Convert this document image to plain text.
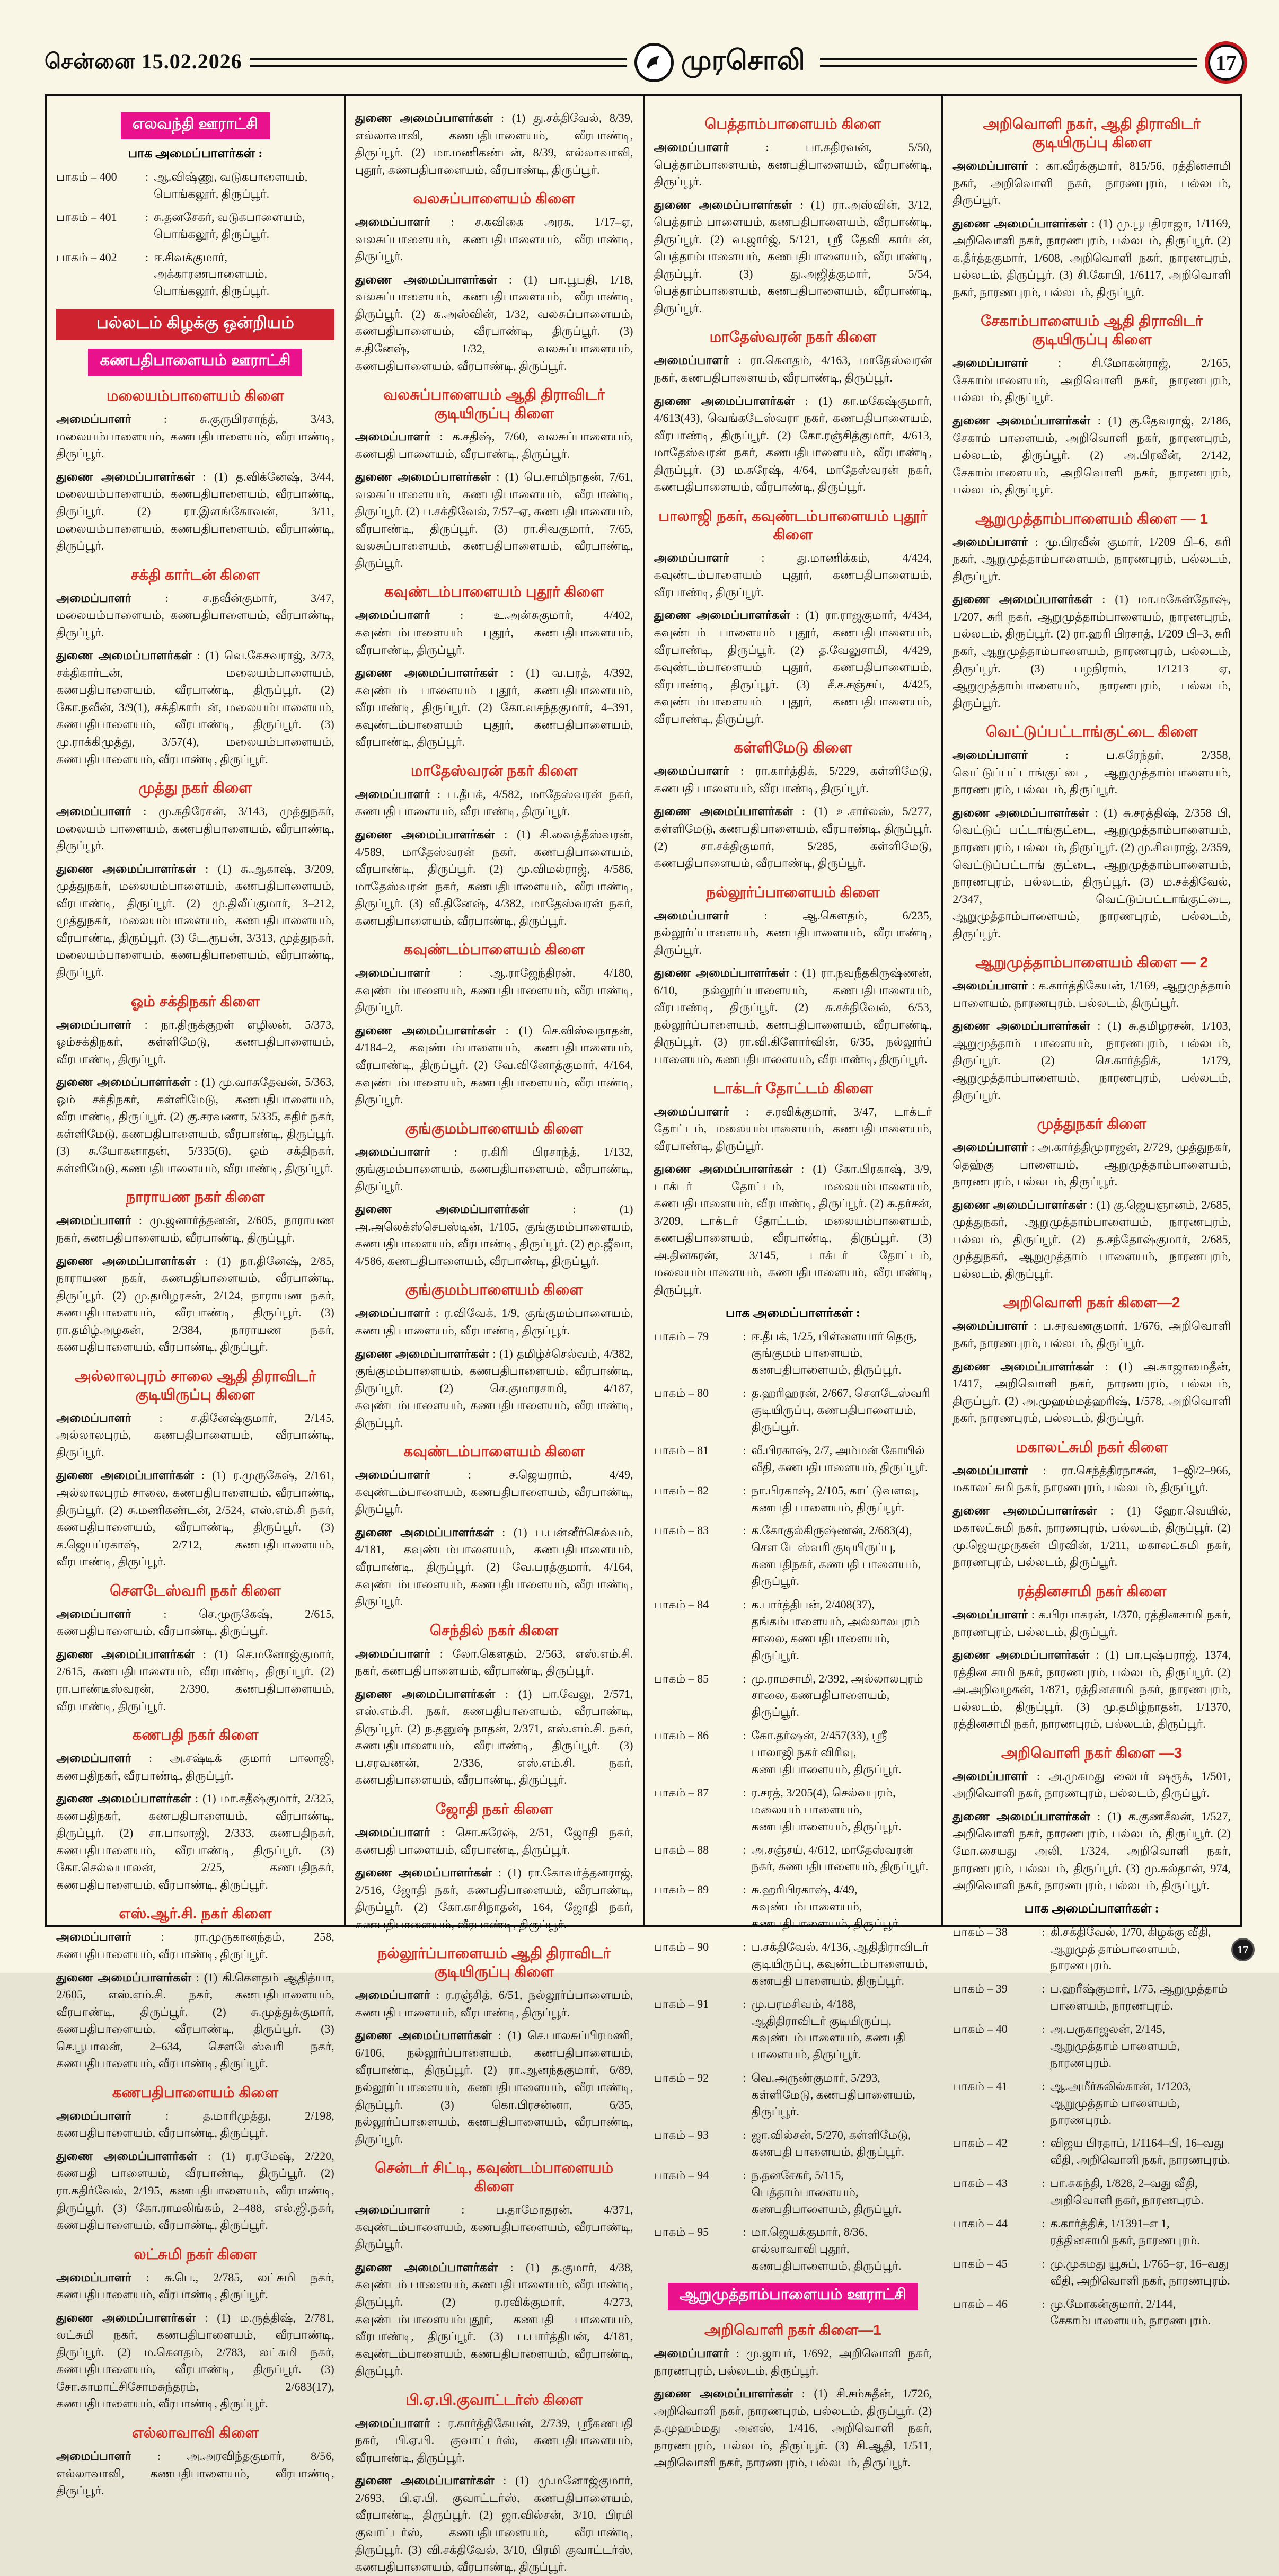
சென்னை 15.02.2026	முரசொலி	17
எலவந்தி ஊராட்சி
பாக அமைப்பாளர்கள் :
பாகம் – 400	: ஆ.விஷ்ணு, வடுகபாளையம், பொங்கலூர், திருப்பூர்.
பாகம் – 401	: சு.தனசேகர், வடுகபாளையம், பொங்கலூர், திருப்பூர்.
பாகம் – 402	: ஈ.சிவக்குமார், அக்காரணபாளையம், பொங்கலூர், திருப்பூர்.
பல்லடம் கிழக்கு ஒன்றியம்
கணபதிபாளையம் ஊராட்சி
மலையம்பாளையம் கிளை

அமைப்பாளர் : சு.குருபிரசாந்த், 3/43, மலையம்பாளையம், கணபதிபாளையம், வீரபாண்டி, திருப்பூர்.

துணை அமைப்பாளர்கள் : (1) த.விக்னேஷ், 3/44, மலையம்பாளையம், கணபதிபாளையம், வீரபாண்டி, திருப்பூர். (2) ரா.இளங்கோவன், 3/11, மலையம்பாளையம், கணபதிபாளையம், வீரபாண்டி, திருப்பூர்.

சக்தி கார்டன் கிளை

அமைப்பாளர் : ச.நவீன்குமார், 3/47, மலையம்பாளையம், கணபதிபாளையம், வீரபாண்டி, திருப்பூர்.

துணை அமைப்பாளர்கள் : (1) வெ.கேசவராஜ், 3/73, சக்திகார்டன், மலையம்பாளையம், கணபதிபாளையம், வீரபாண்டி, திருப்பூர். (2) கோ.நவீன், 3/9(1), சக்திகார்டன், மலையம்பாளையம், கணபதிபாளையம், வீரபாண்டி, திருப்பூர். (3) மு.ராக்கிமுத்து, 3/57(4), மலையம்பாளையம், கணபதிபாளையம், வீரபாண்டி, திருப்பூர்.

முத்து நகர் கிளை

அமைப்பாளர் : மு.கதிரேசன், 3/143, முத்துநகர், மலையம் பாளையம், கணபதிபாளையம், வீரபாண்டி, திருப்பூர்.

துணை அமைப்பாளர்கள் : (1) சு.ஆகாஷ், 3/209, முத்துநகர், மலையம்பாளையம், கணபதிபாளையம், வீரபாண்டி, திருப்பூர். (2) மு.திலீப்குமார், 3–212, முத்துநகர், மலையம்பாளையம், கணபதிபாளையம், வீரபாண்டி, திருப்பூர். (3) டே.ரூபன், 3/313, முத்துநகர், மலையம்பாளையம், கணபதிபாளையம், வீரபாண்டி, திருப்பூர்.

ஓம் சக்திநகர் கிளை

அமைப்பாளர் : நா.திருக்குறள் எழிலன், 5/373, ஓம்சக்திநகர், கள்ளிமேடு, கணபதிபாளையம், வீரபாண்டி, திருப்பூர்.

துணை அமைப்பாளர்கள் : (1) மு.வாசுதேவன், 5/363, ஓம் சக்திநகர், கள்ளிமேடு, கணபதிபாளையம், வீரபாண்டி, திருப்பூர். (2) கு.சரவணா, 5/335, கதிர் நகர், கள்ளிமேடு, கணபதிபாளையம், வீரபாண்டி, திருப்பூர். (3) சு.யோகனாதன், 5/335(6), ஓம் சக்திநகர், கள்ளிமேடு, கணபதிபாளையம், வீரபாண்டி, திருப்பூர்.

நாராயண நகர் கிளை

அமைப்பாளர் : மு.ஜனார்த்தனன், 2/605, நாராயண நகர், கணபதிபாளையம், வீரபாண்டி, திருப்பூர்.

துணை அமைப்பாளர்கள் : (1) நா.தினேஷ், 2/85, நாராயண நகர், கணபதிபாளையம், வீரபாண்டி, திருப்பூர். (2) மு.தமிழரசன், 2/124, நாராயண நகர், கணபதிபாளையம், வீரபாண்டி, திருப்பூர். (3) ரா.தமிழ்அழகன், 2/384, நாராயண நகர், கணபதிபாளையம், வீரபாண்டி, திருப்பூர்.

அல்லாலபுரம் சாலை ஆதி திராவிடர் குடியிருப்பு கிளை

அமைப்பாளர் : ச.தினேஷ்குமார், 2/145, அல்லாலபுரம், கணபதிபாளையம், வீரபாண்டி, திருப்பூர்.

துணை அமைப்பாளர்கள் : (1) ர.முருகேஷ், 2/161, அல்லாலபுரம் சாலை, கணபதிபாளையம், வீரபாண்டி, திருப்பூர். (2) சு.மணிகண்டன், 2/524, எஸ்.எம்.சி நகர், கணபதிபாளையம், வீரபாண்டி, திருப்பூர். (3) க.ஜெயப்ரகாஷ், 2/712, கணபதிபாளையம், வீரபாண்டி, திருப்பூர்.

சௌடேஸ்வரி நகர் கிளை

அமைப்பாளர் : செ.முருகேஷ், 2/615, கணபதிபாளையம், வீரபாண்டி, திருப்பூர்.

துணை அமைப்பாளர்கள் : (1) செ.மனோஜ்குமார், 2/615, கணபதிபாளையம், வீரபாண்டி, திருப்பூர். (2) ரா.பாண்டீஸ்வரன், 2/390, கணபதிபாளையம், வீரபாண்டி, திருப்பூர்.

கணபதி நகர் கிளை

அமைப்பாளர் : அ.சஷ்டிக் குமார் பாலாஜி, கணபதிநகர், வீரபாண்டி, திருப்பூர்.

துணை அமைப்பாளர்கள் : (1) மா.சதீஷ்குமார், 2/325, கணபதிநகர், கணபதிபாளையம், வீரபாண்டி, திருப்பூர். (2) சா.பாலாஜி, 2/333, கணபதிநகர், கணபதிபாளையம், வீரபாண்டி, திருப்பூர். (3) கோ.செல்வபாலன், 2/25, கணபதிநகர், கணபதிபாளையம், வீரபாண்டி, திருப்பூர்.

எஸ்.ஆர்.சி. நகர் கிளை

அமைப்பாளர் : ரா.முருகானந்தம், 258, கணபதிபாளையம், வீரபாண்டி, திருப்பூர்.

துணை அமைப்பாளர்கள் : (1) கி.கௌதம் ஆதித்யா, 2/605, எஸ்.எம்.சி. நகர், கணபதிபாளையம், வீரபாண்டி, திருப்பூர். (2) சு.முத்துக்குமார், கணபதிபாளையம், வீரபாண்டி, திருப்பூர். (3) செ.பூபாலன், 2–634, சௌடேஸ்வரி நகர், கணபதிபாளையம், வீரபாண்டி, திருப்பூர்.

கணபதிபாளையம் கிளை

அமைப்பாளர் : த.மாரிமுத்து, 2/198, கணபதிபாளையம், வீரபாண்டி, திருப்பூர்.

துணை அமைப்பாளர்கள் : (1) ர.ரமேஷ், 2/220, கணபதி பாளையம், வீரபாண்டி, திருப்பூர். (2) ரா.கதிர்வேல், 2/195, கணபதிபாளையம், வீரபாண்டி, திருப்பூர். (3) கோ.ராமலிங்கம், 2–488, எல்.ஜி.நகர், கணபதிபாளையம், வீரபாண்டி, திருப்பூர்.

லட்சுமி நகர் கிளை

அமைப்பாளர் : சு.பெ., 2/785, லட்சுமி நகர், கணபதிபாளையம், வீரபாண்டி, திருப்பூர்.

துணை அமைப்பாளர்கள் : (1) ம.ருத்திஷ், 2/781, லட்சுமி நகர், கணபதிபாளையம், வீரபாண்டி, திருப்பூர். (2) ம.கௌதம், 2/783, லட்சுமி நகர், கணபதிபாளையம், வீரபாண்டி, திருப்பூர். (3) சோ.காமாட்சிசோமசுந்தரம், 2/683(17), கணபதிபாளையம், வீரபாண்டி, திருப்பூர்.

எல்லாவாவி கிளை

அமைப்பாளர் : அ.அரவிந்தகுமார், 8/56, எல்லாவாவி, கணபதிபாளையம், வீரபாண்டி, திருப்பூர்.

துணை அமைப்பாளர்கள் : (1) து.சக்திவேல், 8/39, எல்லாவாவி, கணபதிபாளையம், வீரபாண்டி, திருப்பூர். (2) மா.மணிகண்டன், 8/39, எல்லாவாவி, புதூர், கணபதிபாளையம், வீரபாண்டி, திருப்பூர்.

வலசுப்பாளையம் கிளை

அமைப்பாளர் : ச.கவிகை அரசு, 1/17–ஏ, வலசுப்பாளையம், கணபதிபாளையம், வீரபாண்டி, திருப்பூர்.

துணை அமைப்பாளர்கள் : (1) பா.பூபதி, 1/18, வலசுப்பாளையம், கணபதிபாளையம், வீரபாண்டி, திருப்பூர். (2) க.அஸ்வின், 1/32, வலசுப்பாளையம், கணபதிபாளையம், வீரபாண்டி, திருப்பூர். (3) ச.தினேஷ், 1/32, வலசுப்பாளையம், கணபதிபாளையம், வீரபாண்டி, திருப்பூர்.

வலசுப்பாளையம் ஆதி திராவிடர் குடியிருப்பு கிளை

அமைப்பாளர் : க.சதிஷ், 7/60, வலசுப்பாளையம், கணபதி பாளையம், வீரபாண்டி, திருப்பூர்.

துணை அமைப்பாளர்கள் : (1) பெ.சாமிநாதன், 7/61, வலசுப்பாளையம், கணபதிபாளையம், வீரபாண்டி, திருப்பூர். (2) ப.சக்திவேல், 7/57–ஏ, கணபதிபாளையம், வீரபாண்டி, திருப்பூர். (3) ரா.சிவகுமார், 7/65, வலசுப்பாளையம், கணபதிபாளையம், வீரபாண்டி, திருப்பூர்.

கவுண்டம்பாளையம் புதூர் கிளை

அமைப்பாளர் : உ.அன்சுகுமார், 4/402, கவுண்டம்பாளையம் புதூர், கணபதிபாளையம், வீரபாண்டி, திருப்பூர்.

துணை அமைப்பாளர்கள் : (1) வ.பரத், 4/392, கவுண்டம் பாளையம் புதூர், கணபதிபாளையம், வீரபாண்டி, திருப்பூர். (2) கோ.வசந்தகுமார், 4–391, கவுண்டம்பாளையம் புதூர், கணபதிபாளையம், வீரபாண்டி, திருப்பூர்.

மாதேஸ்வரன் நகர் கிளை

அமைப்பாளர் : ப.தீபக், 4/582, மாதேஸ்வரன் நகர், கணபதி பாளையம், வீரபாண்டி, திருப்பூர்.

துணை அமைப்பாளர்கள் : (1) சி.வைத்தீஸ்வரன், 4/589, மாதேஸ்வரன் நகர், கணபதிபாளையம், வீரபாண்டி, திருப்பூர். (2) மு.விமல்ராஜ், 4/586, மாதேஸ்வரன் நகர், கணபதிபாளையம், வீரபாண்டி, திருப்பூர். (3) வீ.தினேஷ், 4/382, மாதேஸ்வரன் நகர், கணபதிபாளையம், வீரபாண்டி, திருப்பூர்.

கவுண்டம்பாளையம் கிளை

அமைப்பாளர் : ஆ.ராஜேந்திரன், 4/180, கவுண்டம்பாளையம், கணபதிபாளையம், வீரபாண்டி, திருப்பூர்.

துணை அமைப்பாளர்கள் : (1) செ.விஸ்வநாதன், 4/184–2, கவுண்டம்பாளையம், கணபதிபாளையம், வீரபாண்டி, திருப்பூர். (2) வே.வினோத்குமார், 4/164, கவுண்டம்பாளையம், கணபதிபாளையம், வீரபாண்டி, திருப்பூர்.

குங்குமம்பாளையம் கிளை

அமைப்பாளர் : ர.கிரி பிரசாந்த், 1/132, குங்குமம்பாளையம், கணபதிபாளையம், வீரபாண்டி, திருப்பூர்.

துணை அமைப்பாளர்கள் : (1) அ.அலெக்ஸ்செபஸ்டின், 1/105, குங்குமம்பாளையம், கணபதிபாளையம், வீரபாண்டி, திருப்பூர். (2) மூ.ஜீவா, 4/586, கணபதிபாளையம், வீரபாண்டி, திருப்பூர்.

குங்குமம்பாளையம் கிளை

அமைப்பாளர் : ர.விவேக், 1/9, குங்குமம்பாளையம், கணபதி பாளையம், வீரபாண்டி, திருப்பூர்.

துணை அமைப்பாளர்கள் : (1) தமிழ்ச்செல்வம், 4/382, குங்குமம்பாளையம், கணபதிபாளையம், வீரபாண்டி, திருப்பூர். (2) செ.குமாரசாமி, 4/187, கவுண்டம்பாளையம், கணபதிபாளையம், வீரபாண்டி, திருப்பூர்.

கவுண்டம்பாளையம் கிளை

அமைப்பாளர் : ச.ஜெயராம், 4/49, கவுண்டம்பாளையம், கணபதிபாளையம், வீரபாண்டி, திருப்பூர்.

துணை அமைப்பாளர்கள் : (1) ப.பன்னீர்செல்வம், 4/181, கவுண்டம்பாளையம், கணபதிபாளையம், வீரபாண்டி, திருப்பூர். (2) வே.பரத்குமார், 4/164, கவுண்டம்பாளையம், கணபதிபாளையம், வீரபாண்டி, திருப்பூர்.

செந்தில் நகர் கிளை

அமைப்பாளர் : லோ.கௌதம், 2/563, எஸ்.எம்.சி. நகர், கணபதிபாளையம், வீரபாண்டி, திருப்பூர்.

துணை அமைப்பாளர்கள் : (1) பா.வேலு, 2/571, எஸ்.எம்.சி. நகர், கணபதிபாளையம், வீரபாண்டி, திருப்பூர். (2) ந.தனுஷ் நாதன், 2/371, எஸ்.எம்.சி. நகர், கணபதிபாளையம், வீரபாண்டி, திருப்பூர். (3) ப.சரவணன், 2/336, எஸ்.எம்.சி. நகர், கணபதிபாளையம், வீரபாண்டி, திருப்பூர்.

ஜோதி நகர் கிளை

அமைப்பாளர் : சொ.சுரேஷ், 2/51, ஜோதி நகர், கணபதி பாளையம், வீரபாண்டி, திருப்பூர்.

துணை அமைப்பாளர்கள் : (1) ரா.கோவர்த்தனராஜ், 2/516, ஜோதி நகர், கணபதிபாளையம், வீரபாண்டி, திருப்பூர். (2) கோ.காசிநாதன், 164, ஜோதி நகர், கணபதிபாளையம், வீரபாண்டி, திருப்பூர்.

நல்லூர்ப்பாளையம் ஆதி திராவிடர் குடியிருப்பு கிளை

அமைப்பாளர் : ர.ரஞ்சித், 6/51, நல்லூர்ப்பாளையம், கணபதி பாளையம், வீரபாண்டி, திருப்பூர்.

துணை அமைப்பாளர்கள் : (1) செ.பாலசுப்பிரமணி, 6/106, நல்லூர்ப்பாளையம், கணபதிபாளையம், வீரபாண்டி, திருப்பூர். (2) ரா.ஆனந்தகுமார், 6/89, நல்லூர்ப்பாளையம், கணபதிபாளையம், வீரபாண்டி, திருப்பூர். (3) கொ.பிரசன்னா, 6/35, நல்லூர்ப்பாளையம், கணபதிபாளையம், வீரபாண்டி, திருப்பூர்.

சென்டர் சிட்டி, கவுண்டம்பாளையம் கிளை

அமைப்பாளர் : ப.தாமோதரன், 4/371, கவுண்டம்பாளையம், கணபதிபாளையம், வீரபாண்டி, திருப்பூர்.

துணை அமைப்பாளர்கள் : (1) த.குமார், 4/38, கவுண்டம் பாளையம், கணபதிபாளையம், வீரபாண்டி, திருப்பூர். (2) ர.ரவிக்குமார், 4/273, கவுண்டம்பாளையம்புதூர், கணபதி பாளையம், வீரபாண்டி, திருப்பூர். (3) ப.பார்த்திபன், 4/181, கவுண்டம்பாளையம், கணபதிபாளையம், வீரபாண்டி, திருப்பூர்.

பி.ஏ.பி.குவாட்டர்ஸ் கிளை

அமைப்பாளர் : ர.கார்த்திகேயன், 2/739, ஸ்ரீகணபதி நகர், பி.ஏ.பி. குவாட்டர்ஸ், கணபதிபாளையம், வீரபாண்டி, திருப்பூர்.

துணை அமைப்பாளர்கள் : (1) மு.மனோஜ்குமார், 2/693, பி.ஏ.பி. குவாட்டர்ஸ், கணபதிபாளையம், வீரபாண்டி, திருப்பூர். (2) ஜா.வில்சன், 3/10, பிரமி குவாட்டர்ஸ், கணபதிபாளையம், வீரபாண்டி, திருப்பூர். (3) வி.சக்திவேல், 3/10, பிரமி குவாட்டர்ஸ், கணபதிபாளையம், வீரபாண்டி, திருப்பூர்.

பெத்தாம்பாளையம் கிளை

அமைப்பாளர் : பா.கதிரவன், 5/50, பெத்தாம்பாளையம், கணபதிபாளையம், வீரபாண்டி, திருப்பூர்.

துணை அமைப்பாளர்கள் : (1) ரா.அஸ்வின், 3/12, பெத்தாம் பாளையம், கணபதிபாளையம், வீரபாண்டி, திருப்பூர். (2) வ.ஜார்ஜ், 5/121, ஸ்ரீ தேவி கார்டன், பெத்தாம்பாளையம், கணபதிபாளையம், வீரபாண்டி, திருப்பூர். (3) து.அஜித்குமார், 5/54, பெத்தாம்பாளையம், கணபதிபாளையம், வீரபாண்டி, திருப்பூர்.

மாதேஸ்வரன் நகர் கிளை

அமைப்பாளர் : ரா.கௌதம், 4/163, மாதேஸ்வரன் நகர், கணபதிபாளையம், வீரபாண்டி, திருப்பூர்.

துணை அமைப்பாளர்கள் : (1) கா.மகேஷ்குமார், 4/613(43), வெங்கடேஸ்வரா நகர், கணபதிபாளையம், வீரபாண்டி, திருப்பூர். (2) கோ.ரஞ்சித்குமார், 4/613, மாதேஸ்வரன் நகர், கணபதிபாளையம், வீரபாண்டி, திருப்பூர். (3) ம.சுரேஷ், 4/64, மாதேஸ்வரன் நகர், கணபதிபாளையம், வீரபாண்டி, திருப்பூர்.

பாலாஜி நகர், கவுண்டம்பாளையம் புதூர் கிளை

அமைப்பாளர் : து.மாணிக்கம், 4/424, கவுண்டம்பாளையம் புதூர், கணபதிபாளையம், வீரபாண்டி, திருப்பூர்.

துணை அமைப்பாளர்கள் : (1) ரா.ராஜகுமார், 4/434, கவுண்டம் பாளையம் புதூர், கணபதிபாளையம், வீரபாண்டி, திருப்பூர். (2) த.வேலுசாமி, 4/429, கவுண்டம்பாளையம் புதூர், கணபதிபாளையம், வீரபாண்டி, திருப்பூர். (3) சீ.ச.சஞ்சய், 4/425, கவுண்டம்பாளையம் புதூர், கணபதிபாளையம், வீரபாண்டி, திருப்பூர்.

கள்ளிமேடு கிளை

அமைப்பாளர் : ரா.கார்த்திக், 5/229, கள்ளிமேடு, கணபதி பாளையம், வீரபாண்டி, திருப்பூர்.

துணை அமைப்பாளர்கள் : (1) உ.சார்லஸ், 5/277, கள்ளிமேடு, கணபதிபாளையம், வீரபாண்டி, திருப்பூர். (2) சா.சக்திகுமார், 5/285, கள்ளிமேடு, கணபதிபாளையம், வீரபாண்டி, திருப்பூர்.

நல்லூர்ப்பாளையம் கிளை

அமைப்பாளர் : ஆ.கௌதம், 6/235, நல்லூர்ப்பாளையம், கணபதிபாளையம், வீரபாண்டி, திருப்பூர்.

துணை அமைப்பாளர்கள் : (1) ரா.நவநீதகிருஷ்ணன், 6/10, நல்லூர்ப்பாளையம், கணபதிபாளையம், வீரபாண்டி, திருப்பூர். (2) சு.சக்திவேல், 6/53, நல்லூர்ப்பாளையம், கணபதிபாளையம், வீரபாண்டி, திருப்பூர். (3) ரா.வி.கிளோர்வின், 6/35, நல்லூர்ப் பாளையம், கணபதிபாளையம், வீரபாண்டி, திருப்பூர்.

டாக்டர் தோட்டம் கிளை

அமைப்பாளர் : ச.ரவிக்குமார், 3/47, டாக்டர் தோட்டம், மலையம்பாளையம், கணபதிபாளையம், வீரபாண்டி, திருப்பூர்.

துணை அமைப்பாளர்கள் : (1) கோ.பிரகாஷ், 3/9, டாக்டர் தோட்டம், மலையம்பாளையம், கணபதிபாளையம், வீரபாண்டி, திருப்பூர். (2) சு.தர்சன், 3/209, டாக்டர் தோட்டம், மலையம்பாளையம், கணபதிபாளையம், வீரபாண்டி, திருப்பூர். (3) அ.தினகரன், 3/145, டாக்டர் தோட்டம், மலையம்பாளையம், கணபதிபாளையம், வீரபாண்டி, திருப்பூர்.

பாக அமைப்பாளர்கள் :
பாகம் – 79	: ஈ.தீபக், 1/25, பிள்ளையார் தெரு, குங்குமம் பாளையம், கணபதிபாளையம், திருப்பூர்.
பாகம் – 80	: த.ஹரிஹரன், 2/667, சௌடேஸ்வரி குடியிருப்பு, கணபதிபாளையம், திருப்பூர்.
பாகம் – 81	: வீ.பிரகாஷ், 2/7, அம்மன் கோயில் வீதி, கணபதிபாளையம், திருப்பூர்.
பாகம் – 82	: நா.பிரகாஷ், 2/105, காட்டுவளவு, கணபதி பாளையம், திருப்பூர்.
பாகம் – 83	: க.கோகுல்கிருஷ்ணன், 2/683(4), சௌ டேஸ்வரி குடியிருப்பு, கணபதிநகர், கணபதி பாளையம், திருப்பூர்.
பாகம் – 84	: க.பார்த்திபன், 2/408(37), தங்கம்பாளையம், அல்லாலபுரம் சாலை, கணபதிபாளையம், திருப்பூர்.
பாகம் – 85	: மு.ராமசாமி, 2/392, அல்லாலபுரம் சாலை, கணபதிபாளையம், திருப்பூர்.
பாகம் – 86	: கோ.தர்ஷன், 2/457(33), ஸ்ரீ பாலாஜி நகர் விரிவு, கணபதிபாளையம், திருப்பூர்.
பாகம் – 87	: ர.சரத், 3/205(4), செல்வபுரம், மலையம் பாளையம், கணபதிபாளையம், திருப்பூர்.
பாகம் – 88	: அ.சஞ்சய், 4/612, மாதேஸ்வரன் நகர், கணபதிபாளையம், திருப்பூர்.
பாகம் – 89	: சு.ஹரிபிரகாஷ், 4/49, கவுண்டம்பாளையம், கணபதிபாளையம், திருப்பூர்.
பாகம் – 90	: ப.சக்திவேல், 4/136, ஆதிதிராவிடர் குடியிருப்பு, கவுண்டம்பாளையம், கணபதி பாளையம், திருப்பூர்.
பாகம் – 91	: மு.பரமசிவம், 4/188, ஆதிதிராவிடர் குடியிருப்பு, கவுண்டம்பாளையம், கணபதி பாளையம், திருப்பூர்.
பாகம் – 92	: வெ.அருண்குமார், 5/293, கள்ளிமேடு, கணபதிபாளையம், திருப்பூர்.
பாகம் – 93	: ஜா.வில்சன், 5/270, கள்ளிமேடு, கணபதி பாளையம், திருப்பூர்.
பாகம் – 94	: ந.தனசேகர், 5/115, பெத்தாம்பாளையம், கணபதிபாளையம், திருப்பூர்.
பாகம் – 95	: மா.ஜெயக்குமார், 8/36, எல்லாவாவி புதூர், கணபதிபாளையம், திருப்பூர்.
ஆறுமுத்தாம்பாளையம் ஊராட்சி
அறிவொளி நகர் கிளை—1

அமைப்பாளர் : மு.ஜாபர், 1/692, அறிவொளி நகர், நாரணபுரம், பல்லடம், திருப்பூர்.

துணை அமைப்பாளர்கள் : (1) சி.சம்சுதீன், 1/726, அறிவொளி நகர், நாரணபுரம், பல்லடம், திருப்பூர். (2) த.முஹம்மது அனஸ், 1/416, அறிவொளி நகர், நாரணபுரம், பல்லடம், திருப்பூர். (3) சி.ஆதி, 1/511, அறிவொளி நகர், நாரணபுரம், பல்லடம், திருப்பூர்.

அறிவொளி நகர், ஆதி திராவிடர் குடியிருப்பு கிளை

அமைப்பாளர் : கா.வீரக்குமார், 815/56, ரத்தினசாமி நகர், அறிவொளி நகர், நாரணபுரம், பல்லடம், திருப்பூர்.

துணை அமைப்பாளர்கள் : (1) மு.பூபதிராஜா, 1/1169, அறிவொளி நகர், நாரணபுரம், பல்லடம், திருப்பூர். (2) க.தீர்த்தகுமார், 1/608, அறிவொளி நகர், நாரணபுரம், பல்லடம், திருப்பூர். (3) சி.கோபி, 1/6117, அறிவொளி நகர், நாரணபுரம், பல்லடம், திருப்பூர்.

சேகாம்பாளையம் ஆதி திராவிடர் குடியிருப்பு கிளை

அமைப்பாளர் : சி.மோகன்ராஜ், 2/165, சேகாம்பாளையம், அறிவொளி நகர், நாரணபுரம், பல்லடம், திருப்பூர்.

துணை அமைப்பாளர்கள் : (1) கு.தேவராஜ், 2/186, சேகாம் பாளையம், அறிவொளி நகர், நாரணபுரம், பல்லடம், திருப்பூர். (2) அ.பிரவீன், 2/142, சேகாம்பாளையம், அறிவொளி நகர், நாரணபுரம், பல்லடம், திருப்பூர்.

ஆறுமுத்தாம்பாளையம் கிளை — 1

அமைப்பாளர் : மு.பிரவீன் குமார், 1/209 பி–6, சுரி நகர், ஆறுமுத்தாம்பாளையம், நாரணபுரம், பல்லடம், திருப்பூர்.

துணை அமைப்பாளர்கள் : (1) மா.மகேன்தோஷ், 1/207, சுரி நகர், ஆறுமுத்தாம்பாளையம், நாரணபுரம், பல்லடம், திருப்பூர். (2) ரா.ஹரி பிரசாத், 1/209 பி–3, சுரி நகர், ஆறுமுத்தாம்பாளையம், நாரணபுரம், பல்லடம், திருப்பூர். (3) பழநிராம், 1/1213 ஏ, ஆறுமுத்தாம்பாளையம், நாரணபுரம், பல்லடம், திருப்பூர்.

வெட்டுப்பட்டாங்குட்டை கிளை

அமைப்பாளர் : ப.சுரேந்தர், 2/358, வெட்டுப்பட்டாங்குட்டை, ஆறுமுத்தாம்பாளையம், நாரணபுரம், பல்லடம், திருப்பூர்.

துணை அமைப்பாளர்கள் : (1) சு.சரத்திஷ், 2/358 பி, வெட்டுப் பட்டாங்குட்டை, ஆறுமுத்தாம்பாளையம், நாரணபுரம், பல்லடம், திருப்பூர். (2) மு.சிவராஜ், 2/359, வெட்டுப்பட்டாங் குட்டை, ஆறுமுத்தாம்பாளையம், நாரணபுரம், பல்லடம், திருப்பூர். (3) ம.சக்திவேல், 2/347, வெட்டுப்பட்டாங்குட்டை, ஆறுமுத்தாம்பாளையம், நாரணபுரம், பல்லடம், திருப்பூர்.

ஆறுமுத்தாம்பாளையம் கிளை — 2

அமைப்பாளர் : க.கார்த்திகேயன், 1/169, ஆறுமுத்தாம் பாளையம், நாரணபுரம், பல்லடம், திருப்பூர்.

துணை அமைப்பாளர்கள் : (1) சு.தமிழரசன், 1/103, ஆறுமுத்தாம் பாளையம், நாரணபுரம், பல்லடம், திருப்பூர். (2) செ.கார்த்திக், 1/179, ஆறுமுத்தாம்பாளையம், நாரணபுரம், பல்லடம், திருப்பூர்.

முத்துநகர் கிளை

அமைப்பாளர் : அ.கார்த்திமுராஜன், 2/729, முத்துநகர், தெஹ்கு பாளையம், ஆறுமுத்தாம்பாளையம், நாரணபுரம், பல்லடம், திருப்பூர்.

துணை அமைப்பாளர்கள் : (1) கு.ஜெயஞானம், 2/685, முத்துநகர், ஆறுமுத்தாம்பாளையம், நாரணபுரம், பல்லடம், திருப்பூர். (2) த.சந்தோஷ்குமார், 2/685, முத்துநகர், ஆறுமுத்தாம் பாளையம், நாரணபுரம், பல்லடம், திருப்பூர்.

அறிவொளி நகர் கிளை—2

அமைப்பாளர் : ப.சரவணகுமார், 1/676, அறிவொளி நகர், நாரணபுரம், பல்லடம், திருப்பூர்.

துணை அமைப்பாளர்கள் : (1) அ.காஜாமைதீன், 1/417, அறிவொளி நகர், நாரணபுரம், பல்லடம், திருப்பூர். (2) அ.முஹம்மத்ஹரிஷ், 1/578, அறிவொளி நகர், நாரணபுரம், பல்லடம், திருப்பூர்.

மகாலட்சுமி நகர் கிளை

அமைப்பாளர் : ரா.செந்த்திரநாசன், 1–ஜி/2–966, மகாலட்சுமி நகர், நாரணபுரம், பல்லடம், திருப்பூர்.

துணை அமைப்பாளர்கள் : (1) ஹோ.வெயில், மகாலட்சுமி நகர், நாரணபுரம், பல்லடம், திருப்பூர். (2) மு.ஜெயமுருகன் பிரவின், 1/211, மகாலட்சுமி நகர், நாரணபுரம், பல்லடம், திருப்பூர்.

ரத்தினசாமி நகர் கிளை

அமைப்பாளர் : க.பிரபாகரன், 1/370, ரத்தினசாமி நகர், நாரணபுரம், பல்லடம், திருப்பூர்.

துணை அமைப்பாளர்கள் : (1) பா.புஷ்பராஜ், 1374, ரத்தின சாமி நகர், நாரணபுரம், பல்லடம், திருப்பூர். (2) அ.அறிவழகன், 1/871, ரத்தினசாமி நகர், நாரணபுரம், பல்லடம், திருப்பூர். (3) மு.தமிழ்நாதன், 1/1370, ரத்தினசாமி நகர், நாரணபுரம், பல்லடம், திருப்பூர்.

அறிவொளி நகர் கிளை —3

அமைப்பாளர் : அ.முகமது லைபர் ஷரூக், 1/501, அறிவொளி நகர், நாரணபுரம், பல்லடம், திருப்பூர்.

துணை அமைப்பாளர்கள் : (1) க.குணசீலன், 1/527, அறிவொளி நகர், நாரணபுரம், பல்லடம், திருப்பூர். (2) மோ.சையது அலி, 1/324, அறிவொளி நகர், நாரணபுரம், பல்லடம், திருப்பூர். (3) மு.சுல்தான், 974, அறிவொளி நகர், நாரணபுரம், பல்லடம், திருப்பூர்.

பாக அமைப்பாளர்கள் :
பாகம் – 38	: கி.சக்திவேல், 1/70, கிழக்கு வீதி, ஆறுமுத் தாம்பாளையம், நாரணபுரம்.
பாகம் – 39	: ப.ஹரீஷ்குமார், 1/75, ஆறுமுத்தாம் பாளையம், நாரணபுரம்.
பாகம் – 40	: அ.பருகாஜலன், 2/145, ஆறுமுத்தாம் பாளையம், நாரணபுரம்.
பாகம் – 41	: ஆ.அமீர்கலில்கான், 1/1203, ஆறுமுத்தாம் பாளையம், நாரணபுரம்.
பாகம் – 42	: விஜய பிரதாப், 1/1164–பி, 16–வது வீதி, அறிவொளி நகர், நாரணபுரம்.
பாகம் – 43	: பா.சுகந்தி, 1/828, 2–வது வீதி, அறிவொளி நகர், நாரணபுரம்.
பாகம் – 44	: க.கார்த்திக், 1/1391–எ 1, ரத்தினசாமி நகர், நாரணபுரம்.
பாகம் – 45	: மு.முகமது யூசுப், 1/765–ஏ, 16–வது வீதி, அறிவொளி நகர், நாரணபுரம்.
பாகம் – 46	: மு.மோகன்குமார், 2/144, சேகாம்பாளையம், நாரணபுரம்.
17
